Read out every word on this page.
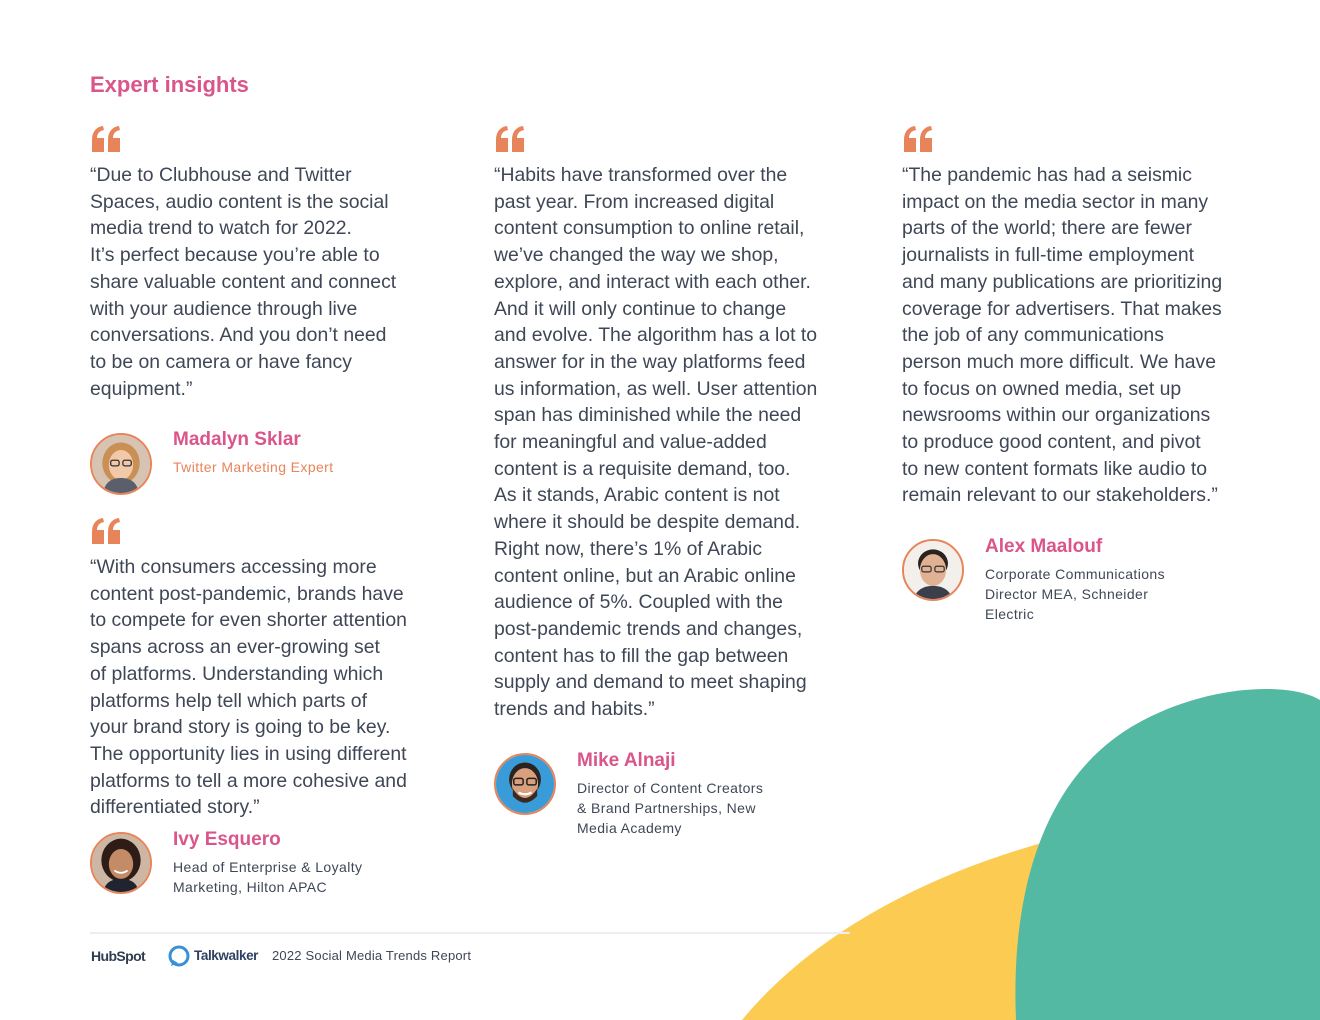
Expert insights

“Due to Clubhouse and Twitter
Spaces, audio content is the social
media trend to watch for 2022.
It’s perfect because you’re able to
share valuable content and connect
with your audience through live
conversations. And you don’t need
to be on camera or have fancy
equipment.”

Madalyn Sklar

Twitter Marketing Expert

“With consumers accessing more
content post-pandemic, brands have
to compete for even shorter attention
spans across an ever-growing set
of platforms. Understanding which
platforms help tell which parts of
your brand story is going to be key.
The opportunity lies in using different
platforms to tell a more cohesive and
differentiated story.”

Ivy Esquero

Head of Enterprise & Loyalty
Marketing, Hilton APAC

“Habits have transformed over the
past year. From increased digital
content consumption to online retail,
we’ve changed the way we shop,
explore, and interact with each other.
And it will only continue to change
and evolve. The algorithm has a lot to
answer for in the way platforms feed
us information, as well. User attention
span has diminished while the need
for meaningful and value-added
content is a requisite demand, too.
As it stands, Arabic content is not
where it should be despite demand.
Right now, there’s 1% of Arabic
content online, but an Arabic online
audience of 5%. Coupled with the
post-pandemic trends and changes,
content has to fill the gap between
supply and demand to meet shaping
trends and habits.”

Mike Alnaji

Director of Content Creators
& Brand Partnerships, New
Media Academy

“The pandemic has had a seismic
impact on the media sector in many
parts of the world; there are fewer
journalists in full-time employment
and many publications are prioritizing
coverage for advertisers. That makes
the job of any communications
person much more difficult. We have
to focus on owned media, set up
newsrooms within our organizations
to produce good content, and pivot
to new content formats like audio to
remain relevant to our stakeholders.”

Alex Maalouf

Corporate Communications
Director MEA, Schneider
Electric

HubSpot	Talkwalker 2022 Social Media Trends Report
